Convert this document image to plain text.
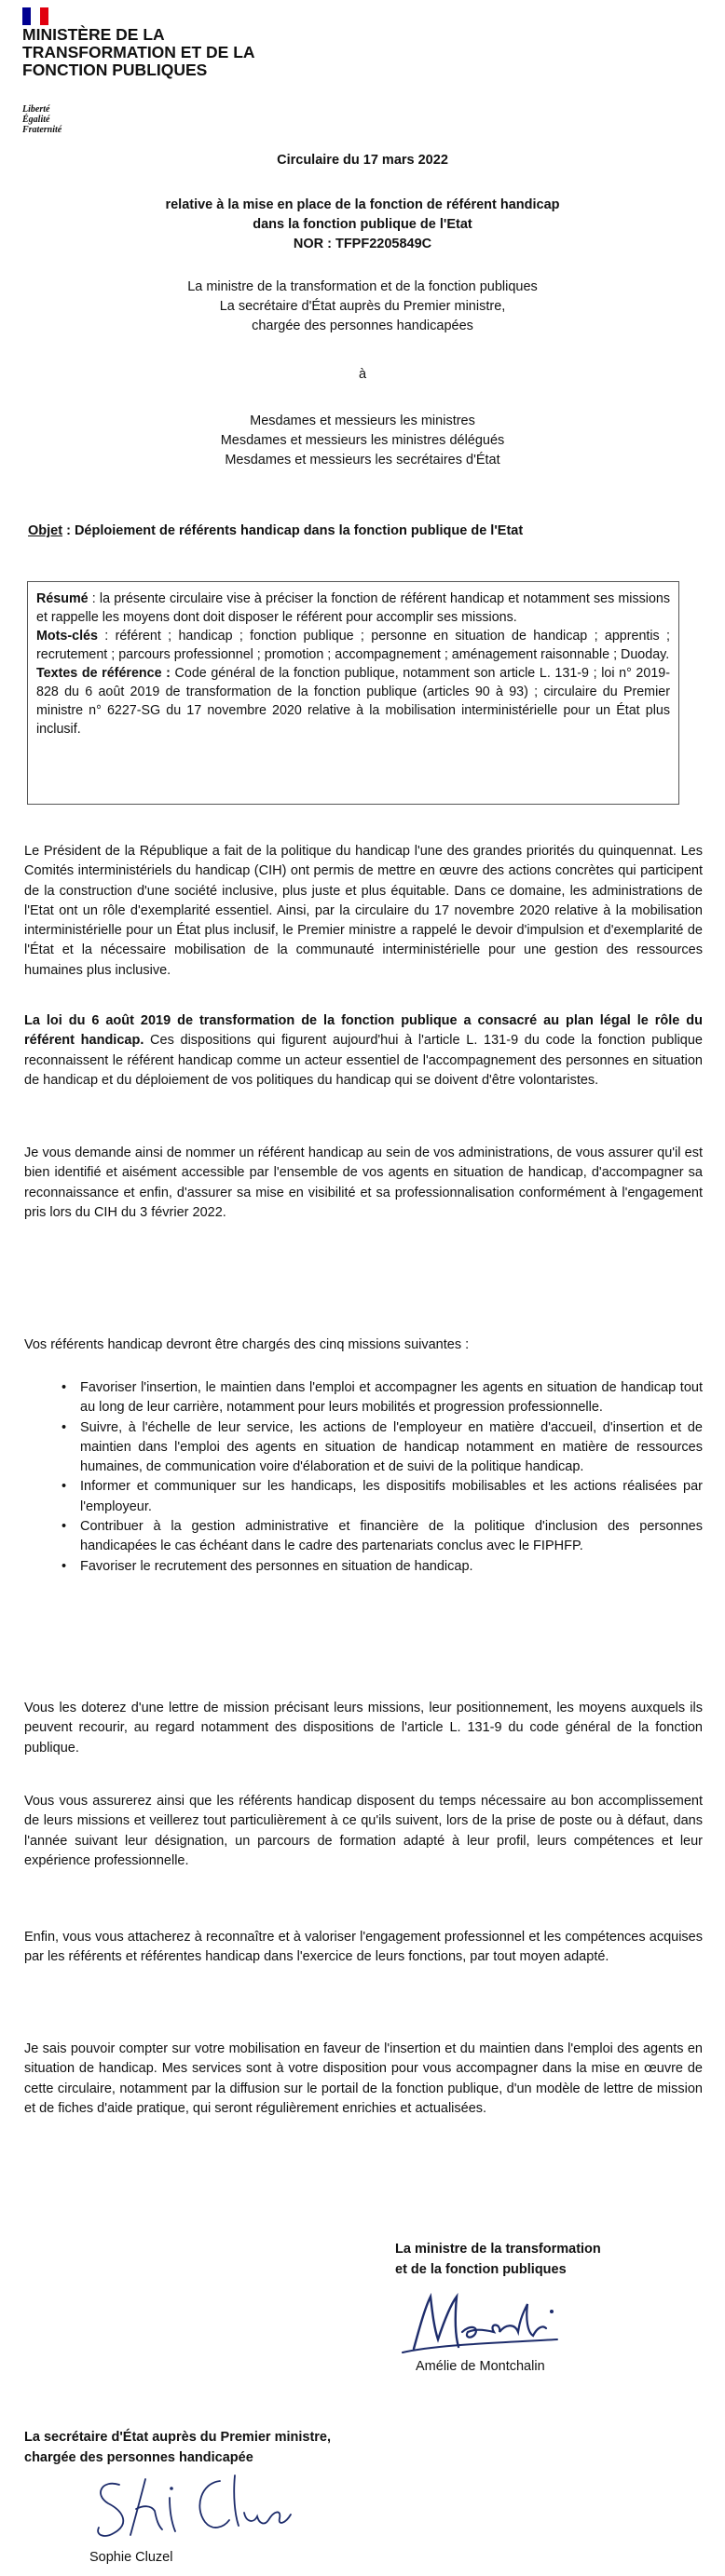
MINISTÈRE DE LA TRANSFORMATION ET DE LA FONCTION PUBLIQUES
Liberté
Égalité
Fraternité
Circulaire du 17 mars 2022
relative à la mise en place de la fonction de référent handicap
dans la fonction publique de l'Etat
NOR : TFPF2205849C
La ministre de la transformation et de la fonction publiques
La secrétaire d'État auprès du Premier ministre,
chargée des personnes handicapées
à
Mesdames et messieurs les ministres
Mesdames et messieurs les ministres délégués
Mesdames et messieurs les secrétaires d'État
Objet : Déploiement de référents handicap dans la fonction publique de l'Etat

Résumé : la présente circulaire vise à préciser la fonction de référent handicap et notamment ses missions et rappelle les moyens dont doit disposer le référent pour accomplir ses missions.

Mots-clés : référent ; handicap ; fonction publique ; personne en situation de handicap ; apprentis ; recrutement ; parcours professionnel ; promotion ; accompagnement ; aménagement raisonnable ; Duoday.

Textes de référence : Code général de la fonction publique, notamment son article L. 131-9 ; loi n° 2019-828 du 6 août 2019 de transformation de la fonction publique (articles 90 à 93) ; circulaire du Premier ministre n° 6227-SG du 17 novembre 2020 relative à la mobilisation interministérielle pour un État plus inclusif.

Le Président de la République a fait de la politique du handicap l'une des grandes priorités du quinquennat. Les Comités interministériels du handicap (CIH) ont permis de mettre en œuvre des actions concrètes qui participent de la construction d'une société inclusive, plus juste et plus équitable. Dans ce domaine, les administrations de l'Etat ont un rôle d'exemplarité essentiel. Ainsi, par la circulaire du 17 novembre 2020 relative à la mobilisation interministérielle pour un État plus inclusif, le Premier ministre a rappelé le devoir d'impulsion et d'exemplarité de l'État et la nécessaire mobilisation de la communauté interministérielle pour une gestion des ressources humaines plus inclusive.

La loi du 6 août 2019 de transformation de la fonction publique a consacré au plan légal le rôle du référent handicap. Ces dispositions qui figurent aujourd'hui à l'article L. 131-9 du code la fonction publique reconnaissent le référent handicap comme un acteur essentiel de l'accompagnement des personnes en situation de handicap et du déploiement de vos politiques du handicap qui se doivent d'être volontaristes.

Je vous demande ainsi de nommer un référent handicap au sein de vos administrations, de vous assurer qu'il est bien identifié et aisément accessible par l'ensemble de vos agents en situation de handicap, d'accompagner sa reconnaissance et enfin, d'assurer sa mise en visibilité et sa professionnalisation conformément à l'engagement pris lors du CIH du 3 février 2022.

Vos référents handicap devront être chargés des cinq missions suivantes :

• Favoriser l'insertion, le maintien dans l'emploi et accompagner les agents en situation de handicap tout au long de leur carrière, notamment pour leurs mobilités et progression professionnelle.
• Suivre, à l'échelle de leur service, les actions de l'employeur en matière d'accueil, d'insertion et de maintien dans l'emploi des agents en situation de handicap notamment en matière de ressources humaines, de communication voire d'élaboration et de suivi de la politique handicap.
• Informer et communiquer sur les handicaps, les dispositifs mobilisables et les actions réalisées par l'employeur.
• Contribuer à la gestion administrative et financière de la politique d'inclusion des personnes handicapées le cas échéant dans le cadre des partenariats conclus avec le FIPHFP.
• Favoriser le recrutement des personnes en situation de handicap.

Vous les doterez d'une lettre de mission précisant leurs missions, leur positionnement, les moyens auxquels ils peuvent recourir, au regard notamment des dispositions de l'article L. 131-9 du code général de la fonction publique.

Vous vous assurerez ainsi que les référents handicap disposent du temps nécessaire au bon accomplissement de leurs missions et veillerez tout particulièrement à ce qu'ils suivent, lors de la prise de poste ou à défaut, dans l'année suivant leur désignation, un parcours de formation adapté à leur profil, leurs compétences et leur expérience professionnelle.

Enfin, vous vous attacherez à reconnaître et à valoriser l'engagement professionnel et les compétences acquises par les référents et référentes handicap dans l'exercice de leurs fonctions, par tout moyen adapté.

Je sais pouvoir compter sur votre mobilisation en faveur de l'insertion et du maintien dans l'emploi des agents en situation de handicap. Mes services sont à votre disposition pour vous accompagner dans la mise en œuvre de cette circulaire, notamment par la diffusion sur le portail de la fonction publique, d'un modèle de lettre de mission et de fiches d'aide pratique, qui seront régulièrement enrichies et actualisées.

La ministre de la transformation
et de la fonction publiques
Amélie de Montchalin
La secrétaire d'État auprès du Premier ministre,
chargée des personnes handicapée
Sophie Cluzel
